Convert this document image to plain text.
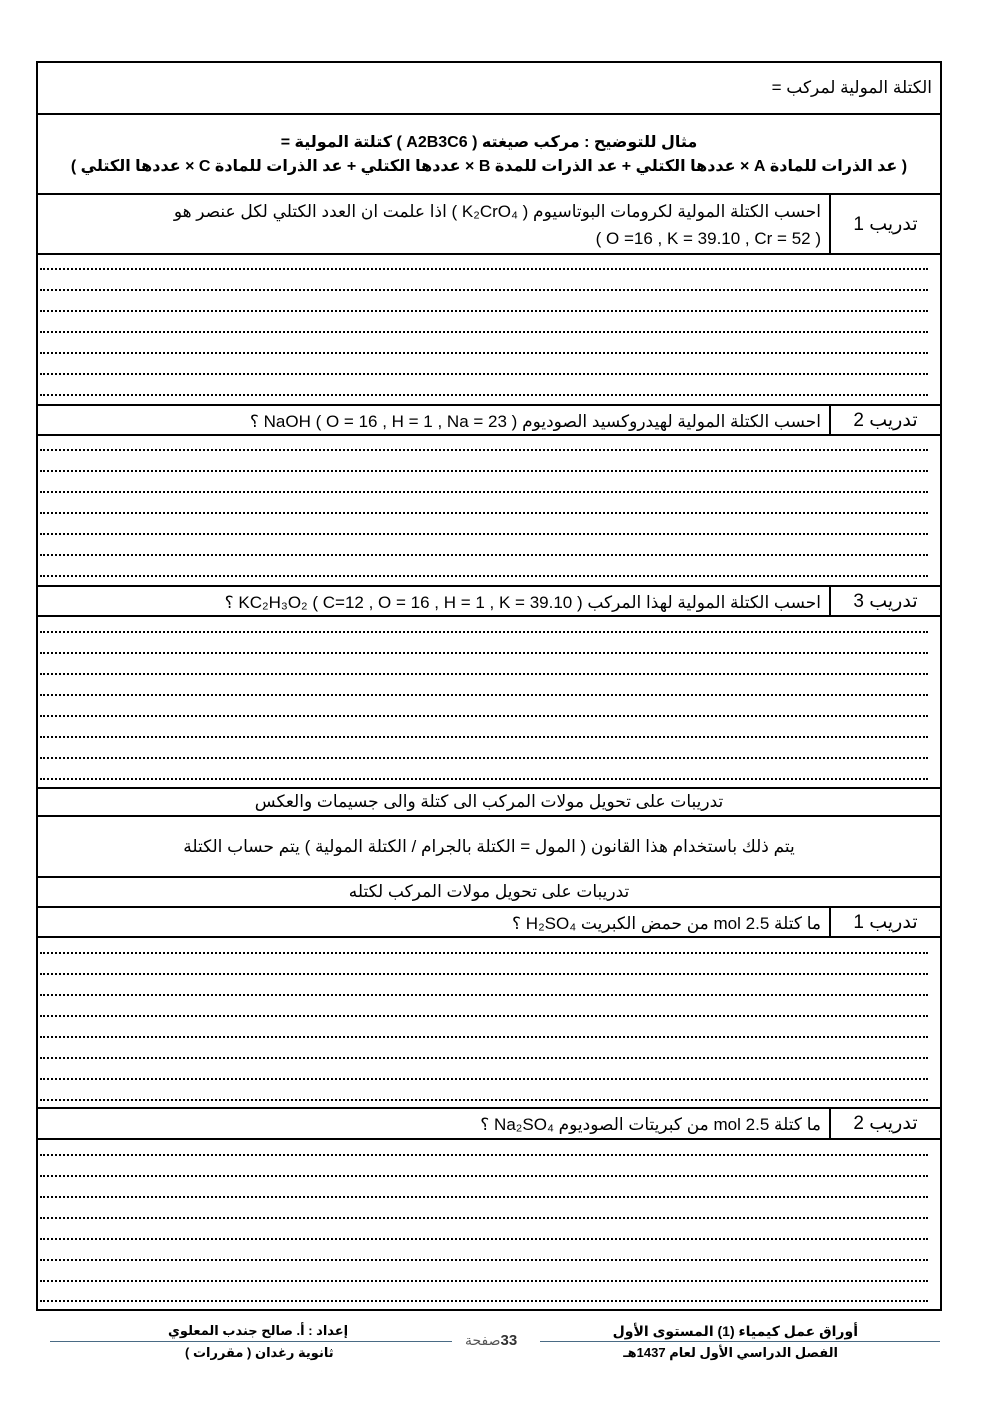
الكتلة المولية لمركب =
مثال للتوضيح : مركب صيغته ( A2B3C6 ) كتلتة المولية =
( عد الذرات للمادة A × عددها الكتلي + عد الذرات للمدة B × عددها الكتلي + عد الذرات للمادة C × عددها الكتلي )
تدريب 1
احسب الكتلة المولية لكرومات البوتاسيوم ( K₂CrO₄ ) اذا علمت ان العدد الكتلي لكل عنصر هو
( O =16 , K = 39.10 , Cr = 52 )
تدريب 2
احسب الكتلة المولية لهيدروكسيد الصوديوم NaOH ( O = 16 , H = 1 , Na = 23 ) ؟
تدريب 3
احسب الكتلة المولية لهذا المركب KC₂H₃O₂ ( C=12 , O = 16 , H = 1 , K = 39.10 ) ؟
تدريبات على تحويل مولات المركب الى كتلة والى جسيمات والعكس
يتم ذلك باستخدام هذا القانون ( المول = الكتلة بالجرام / الكتلة المولية ) يتم حساب الكتلة
تدريبات على تحويل مولات المركب لكتله
تدريب 1
ما كتلة 2.5 mol من حمض الكبريت H₂SO₄ ؟
تدريب 2
ما كتلة 2.5 mol من كبريتات الصوديوم Na₂SO₄ ؟
أوراق عمل كيمياء (1) المستوى الأول
الفصل الدراسي الأول لعام 1437هـ
33صفحة
إعداد : أ. صالح جندب المعلوي
ثانوية رغدان ( مقررات )
